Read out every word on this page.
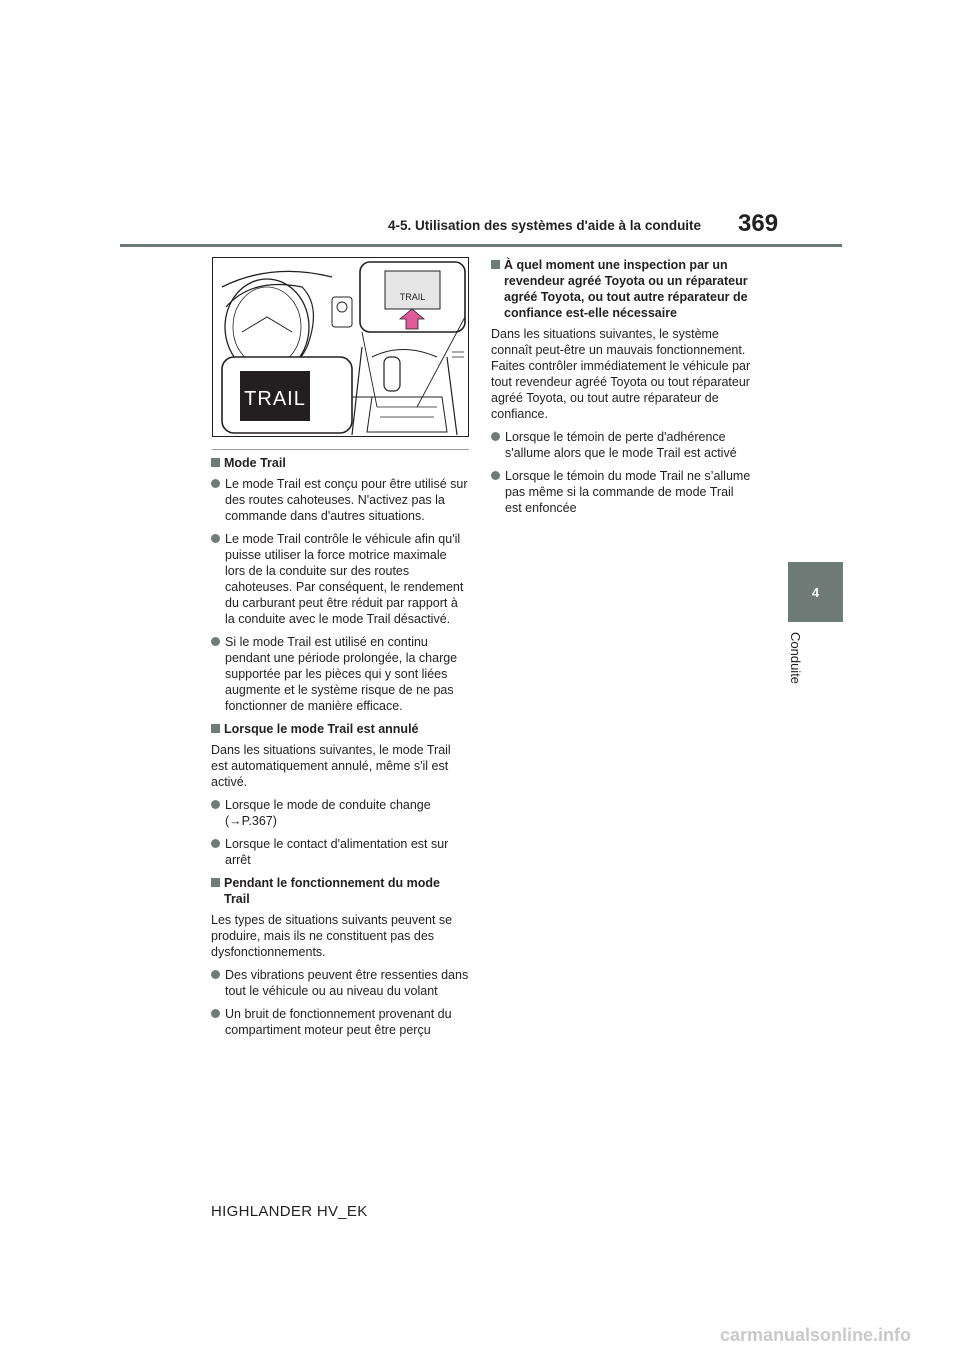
4-5. Utilisation des systèmes d'aide à la conduite 369
4
Conduite
TRAIL
TRAIL
Mode Trail
Le mode Trail est conçu pour être utilisé sur des routes cahoteuses. N'activez pas la commande dans d'autres situations.
Le mode Trail contrôle le véhicule afin qu'il puisse utiliser la force motrice maximale lors de la conduite sur des routes cahoteuses. Par conséquent, le rendement du carburant peut être réduit par rapport à la conduite avec le mode Trail désactivé.
Si le mode Trail est utilisé en continu pendant une période prolongée, la charge supportée par les pièces qui y sont liées augmente et le système risque de ne pas fonctionner de manière efficace.
Lorsque le mode Trail est annulé
Dans les situations suivantes, le mode Trail est automatiquement annulé, même s'il est activé.
Lorsque le mode de conduite change (→P.367)
Lorsque le contact d'alimentation est sur arrêt
Pendant le fonctionnement du mode Trail
Les types de situations suivants peuvent se produire, mais ils ne constituent pas des dysfonctionnements.
Des vibrations peuvent être ressenties dans tout le véhicule ou au niveau du volant
Un bruit de fonctionnement provenant du compartiment moteur peut être perçu
À quel moment une inspection par un revendeur agréé Toyota ou un réparateur agréé Toyota, ou tout autre réparateur de confiance est-elle nécessaire
Dans les situations suivantes, le système connaît peut-être un mauvais fonctionnement. Faites contrôler immédiatement le véhicule par tout revendeur agréé Toyota ou tout réparateur agréé Toyota, ou tout autre réparateur de confiance.
Lorsque le témoin de perte d'adhérence s'allume alors que le mode Trail est activé
Lorsque le témoin du mode Trail ne s’allume pas même si la commande de mode Trail est enfoncée
HIGHLANDER HV_EK
carmanualsonline.info
